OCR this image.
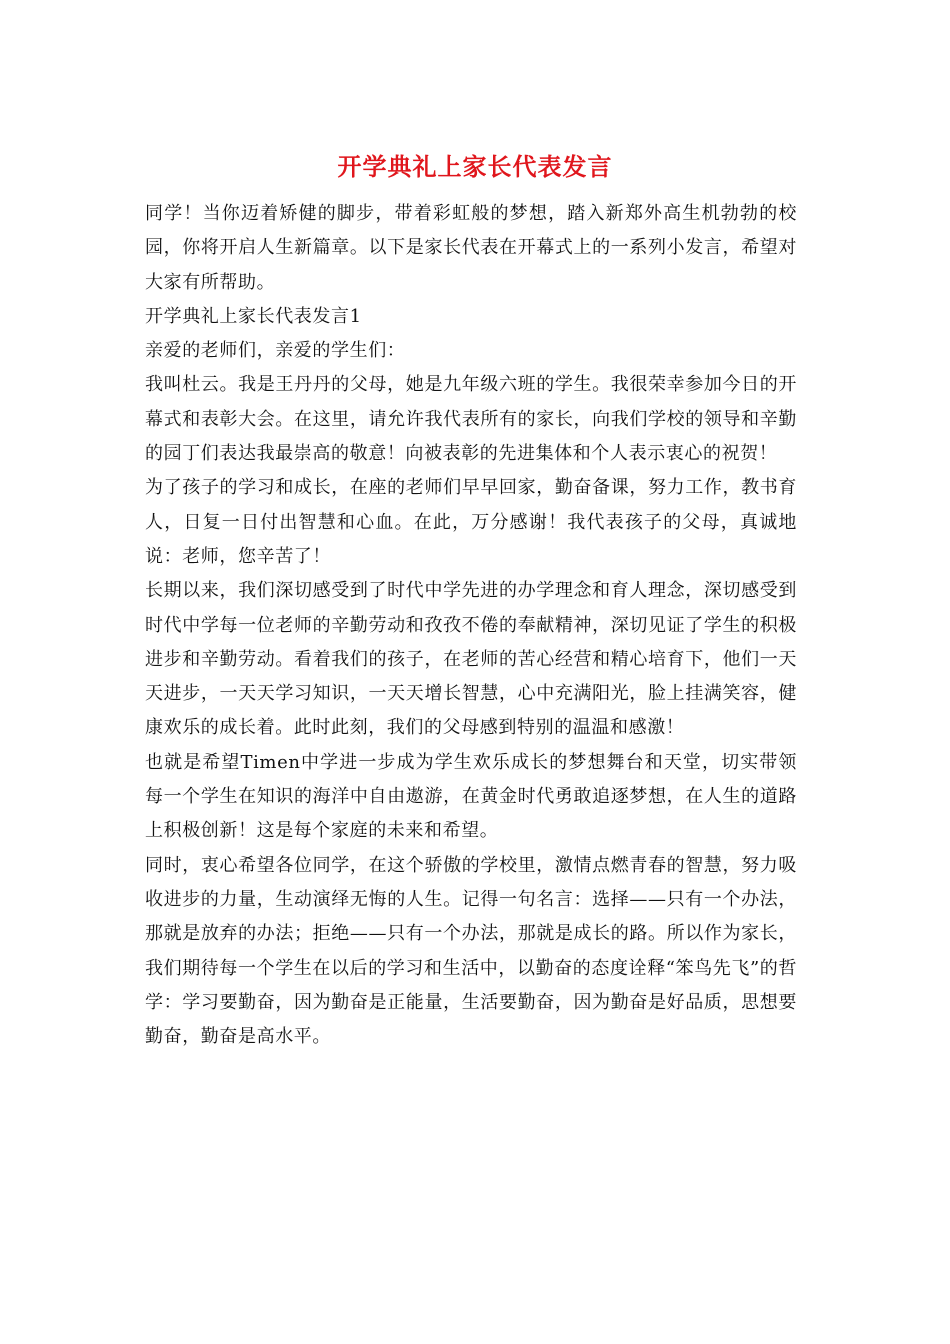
开学典礼上家长代表发言

同学！当你迈着矫健的脚步，带着彩虹般的梦想，踏入新郑外高生机勃勃的校园，你将开启人生新篇章。以下是家长代表在开幕式上的一系列小发言，希望对大家有所帮助。

开学典礼上家长代表发言1

亲爱的老师们，亲爱的学生们：

我叫杜云。我是王丹丹的父母，她是九年级六班的学生。我很荣幸参加今日的开幕式和表彰大会。在这里，请允许我代表所有的家长，向我们学校的领导和辛勤的园丁们表达我最崇高的敬意！向被表彰的先进集体和个人表示衷心的祝贺！

为了孩子的学习和成长，在座的老师们早早回家，勤奋备课，努力工作，教书育人，日复一日付出智慧和心血。在此，万分感谢！我代表孩子的父母，真诚地说：老师，您辛苦了！

长期以来，我们深切感受到了时代中学先进的办学理念和育人理念，深切感受到时代中学每一位老师的辛勤劳动和孜孜不倦的奉献精神，深切见证了学生的积极进步和辛勤劳动。看着我们的孩子，在老师的苦心经营和精心培育下，他们一天天进步，一天天学习知识，一天天增长智慧，心中充满阳光，脸上挂满笑容，健康欢乐的成长着。此时此刻，我们的父母感到特别的温温和感激！

也就是希望Timen中学进一步成为学生欢乐成长的梦想舞台和天堂，切实带领每一个学生在知识的海洋中自由遨游，在黄金时代勇敢追逐梦想，在人生的道路上积极创新！这是每个家庭的未来和希望。

同时，衷心希望各位同学，在这个骄傲的学校里，激情点燃青春的智慧，努力吸收进步的力量，生动演绎无悔的人生。记得一句名言：选择——只有一个办法，那就是放弃的办法；拒绝——只有一个办法，那就是成长的路。所以作为家长，我们期待每一个学生在以后的学习和生活中，以勤奋的态度诠释“笨鸟先飞”的哲学：学习要勤奋，因为勤奋是正能量，生活要勤奋，因为勤奋是好品质，思想要勤奋，勤奋是高水平。
